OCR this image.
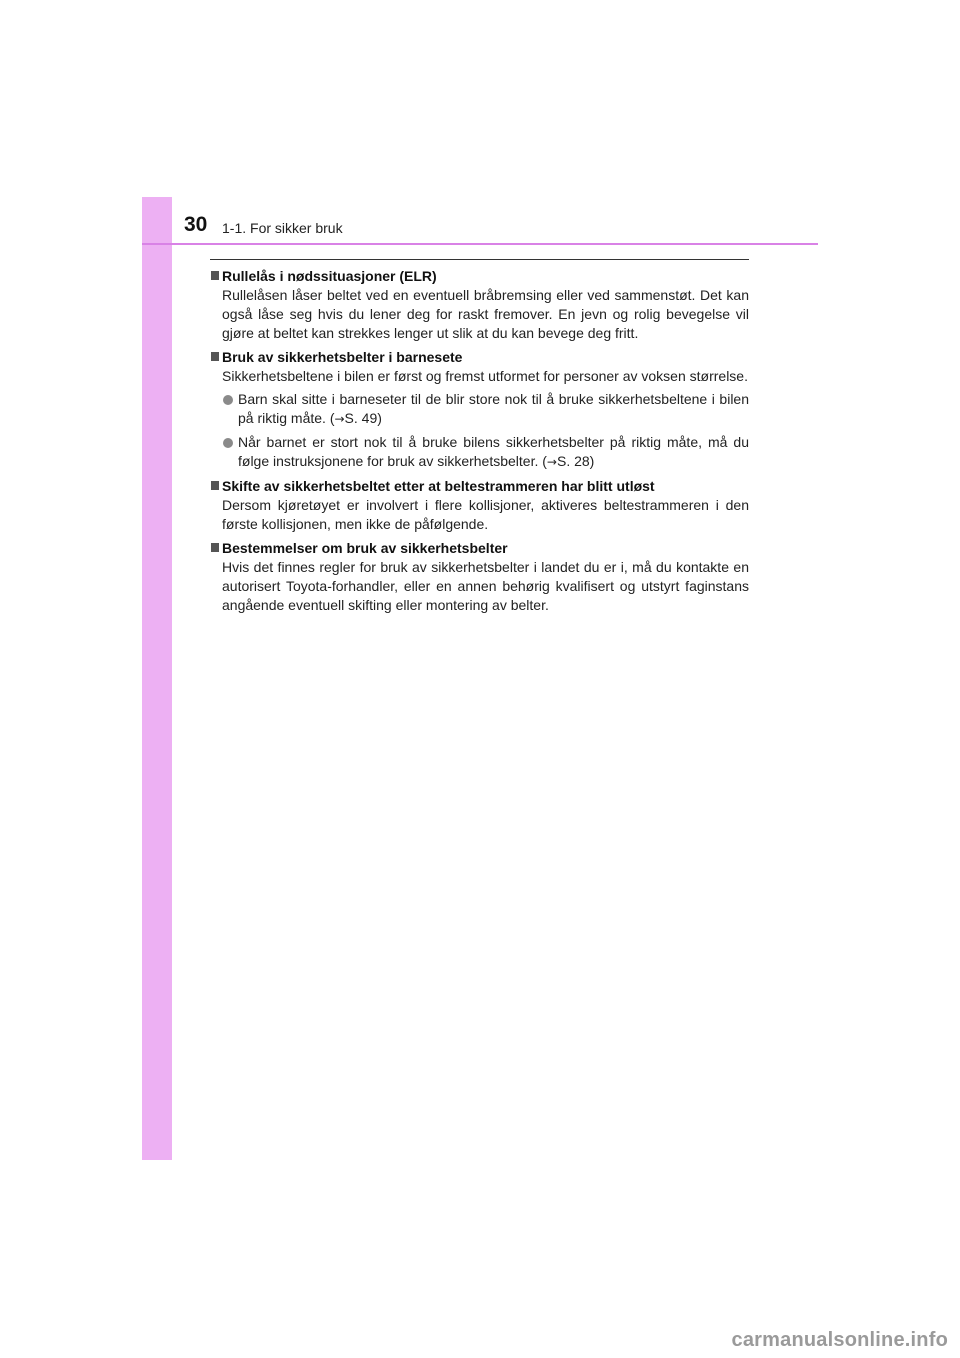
30 1-1. For sikker bruk
Rullelås i nødssituasjoner (ELR)

Rullelåsen låser beltet ved en eventuell bråbremsing eller ved sammenstøt. Det kan også låse seg hvis du lener deg for raskt fremover. En jevn og rolig bevegelse vil gjøre at beltet kan strekkes lenger ut slik at du kan bevege deg fritt.

Bruk av sikkerhetsbelter i barnesete

Sikkerhetsbeltene i bilen er først og fremst utformet for personer av voksen størrelse.

Barn skal sitte i barneseter til de blir store nok til å bruke sikkerhetsbeltene i bilen på riktig måte. (→S. 49)
Når barnet er stort nok til å bruke bilens sikkerhetsbelter på riktig måte, må du følge instruksjonene for bruk av sikkerhetsbelter. (→S. 28)
Skifte av sikkerhetsbeltet etter at beltestrammeren har blitt utløst

Dersom kjøretøyet er involvert i flere kollisjoner, aktiveres beltestrammeren i den første kollisjonen, men ikke de påfølgende.

Bestemmelser om bruk av sikkerhetsbelter

Hvis det finnes regler for bruk av sikkerhetsbelter i landet du er i, må du kontakte en autorisert Toyota-forhandler, eller en annen behørig kvalifisert og utstyrt faginstans angående eventuell skifting eller montering av belter.

carmanualsonline.info
